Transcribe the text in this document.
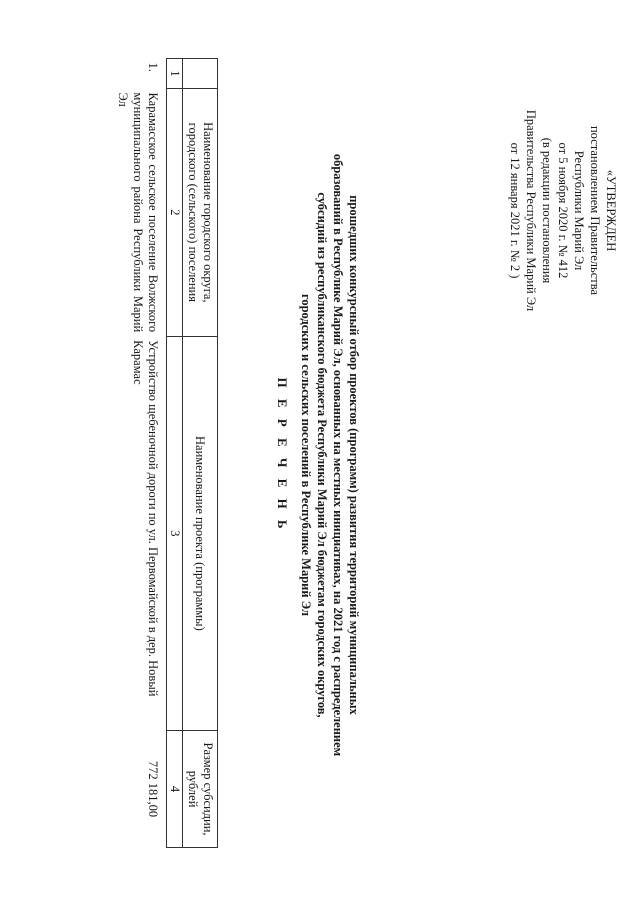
«УТВЕРЖДЕН
постановлением Правительства
Республики Марий Эл
от 5 ноября 2020 г. № 412
(в редакции постановления
Правительства Республики Марий Эл
от 12 января 2021 г. № 2 )
П Е Р Е Ч Е Н Ь	прошедших конкурсный отбор проектов (программ) развития территорий муниципальных
образований в Республике Марий Эл, основанных на местных инициативах, на 2021 год с распределением
субсидий из республиканского бюджета Республики Марий Эл бюджетам городских округов,
городских и сельских поселений в Республике Марий Эл
	Наименование городского округа, городского (сельского) поселения	Наименование проекта (программы)	Размер субсидии, рублей
1	2	3	4
1.	Карамасское сельское поселение Волжского муниципального района Республики Марий Эл	Устройство щебеночной дороги по ул. Первомайской в дер. Новый Карамас	772 181,00
